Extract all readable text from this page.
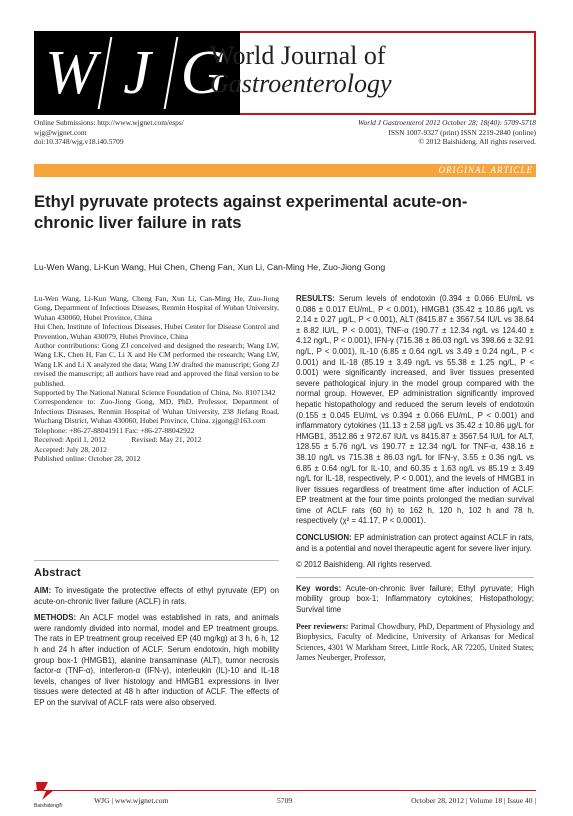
W J G
World Journal of
Gastroenterology
Online Submissions: http://www.wjgnet.com/esps/
wjg@wjgnet.com
doi:10.3748/wjg.v18.i40.5709
World J Gastroenterol 2012 October 28; 18(40): 5709-5718
ISSN 1007-9327 (print) ISSN 2219-2840 (online)
© 2012 Baishideng. All rights reserved.
ORIGINAL ARTICLE
Ethyl pyruvate protects against experimental acute-on-chronic liver failure in rats
Lu-Wen Wang, Li-Kun Wang, Hui Chen, Cheng Fan, Xun Li, Can-Ming He, Zuo-Jiong Gong
Lu-Wen Wang, Li-Kun Wang, Cheng Fan, Xun Li, Can-Ming He, Zuo-Jiong Gong, Department of Infectious Diseases, Renmin Hospital of Wuhan University, Wuhan 430060, Hubei Province, China
Hui Chen, Institute of Infectious Diseases, Hubei Center for Disease Control and Prevention, Wuhan 430079, Hubei Province, China
Author contributions: Gong ZJ conceived and designed the research; Wang LW, Wang LK, Chen H, Fan C, Li X and He CM performed the research; Wang LW, Wang LK and Li X analyzed the data; Wang LW drafted the manuscript; Gong ZJ revised the manuscript; all authors have read and approved the final version to be published.
Supported by The National Natural Science Foundation of China, No. 81071342
Correspondence to: Zuo-Jiong Gong, MD, PhD, Professor, Department of Infectious Diseases, Renmin Hospital of Wuhan University, 238 Jiefang Road, Wuchang District, Wuhan 430060, Hubei Province, China. zjgong@163.com
Telephone: +86-27-88041911 Fax: +86-27-88042922
Received: April 1, 2012	Revised: May 21, 2012
Accepted: July 28, 2012
Published online: October 28, 2012
Abstract

AIM: To investigate the protective effects of ethyl pyruvate (EP) on acute-on-chronic liver failure (ACLF) in rats.

METHODS: An ACLF model was established in rats, and animals were randomly divided into normal, model and EP treatment groups. The rats in EP treatment group received EP (40 mg/kg) at 3 h, 6 h, 12 h and 24 h after induction of ACLF. Serum endotoxin, high mobility group box-1 (HMGB1), alanine transaminase (ALT), tumor necrosis factor-α (TNF-α), interferon-α (IFN-γ), interleukin (IL)-10 and IL-18 levels, changes of liver histology and HMGB1 expressions in liver tissues were detected at 48 h after induction of ACLF. The effects of EP on the survival of ACLF rats were also observed.

RESULTS: Serum levels of endotoxin (0.394 ± 0.066 EU/mL vs 0.086 ± 0.017 EU/mL, P < 0.001), HMGB1 (35.42 ± 10.86 μg/L vs 2.14 ± 0.27 μg/L, P < 0.001), ALT (8415.87 ± 3567.54 IU/L vs 38.64 ± 8.82 IU/L, P < 0.001), TNF-α (190.77 ± 12.34 ng/L vs 124.40 ± 4.12 ng/L, P < 0.001), IFN-γ (715.38 ± 86.03 ng/L vs 398.66 ± 32.91 ng/L, P < 0.001), IL-10 (6.85 ± 0.64 ng/L vs 3.49 ± 0.24 ng/L, P < 0.001) and IL-18 (85.19 ± 3.49 ng/L vs 55.38 ± 1.25 ng/L, P < 0.001) were significantly increased, and liver tissues presented severe pathological injury in the model group compared with the normal group. However, EP administration significantly improved hepatic histopathology and reduced the serum levels of endotoxin (0.155 ± 0.045 EU/mL vs 0.394 ± 0.066 EU/mL, P < 0.001) and inflammatory cytokines (11.13 ± 2.58 μg/L vs 35.42 ± 10.86 μg/L for HMGB1, 3512.86 ± 972.67 IU/L vs 8415.87 ± 3567.54 IU/L for ALT, 128.55 ± 5.76 ng/L vs 190.77 ± 12.34 ng/L for TNF-α, 438.16 ± 38.10 ng/L vs 715.38 ± 86.03 ng/L for IFN-γ, 3.55 ± 0.36 ng/L vs 6.85 ± 0.64 ng/L for IL-10, and 60.35 ± 1.63 ng/L vs 85.19 ± 3.49 ng/L for IL-18, respectively, P < 0.001), and the levels of HMGB1 in liver tissues regardless of treatment time after induction of ACLF. EP treatment at the four time points prolonged the median survival time of ACLF rats (60 h) to 162 h, 120 h, 102 h and 78 h, respectively (χ² = 41.17, P < 0.0001).

CONCLUSION: EP administration can protect against ACLF in rats, and is a potential and novel therapeutic agent for severe liver injury.

© 2012 Baishideng. All rights reserved.

Key words: Acute-on-chronic liver failure; Ethyl pyruvate; High mobility group box-1; Inflammatory cytokines; Histopathology; Survival time

Peer reviewers: Parimal Chowdhury, PhD, Department of Physiology and Biophysics, Faculty of Medicine, University of Arkansas for Medical Sciences, 4301 W Markham Street, Little Rock, AR 72205, United States; James Neuberger, Professor,

Baishideng®
WJG | www.wjgnet.com	5709	October 28, 2012 | Volume 18 | Issue 40 |
